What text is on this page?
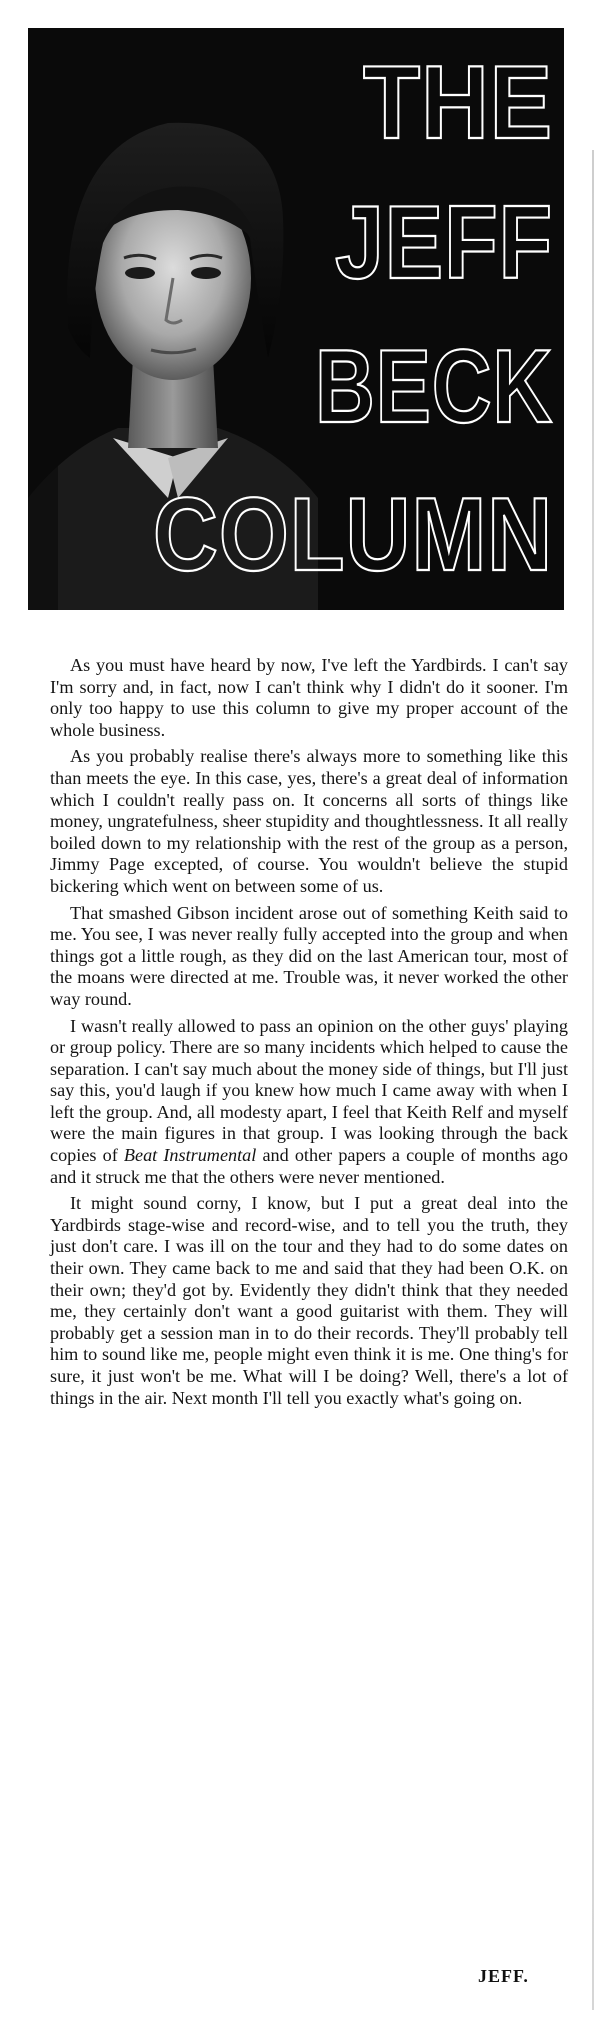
THE
JEFF
BECK
COLUMN

As you must have heard by now, I've left the Yardbirds. I can't say I'm sorry and, in fact, now I can't think why I didn't do it sooner. I'm only too happy to use this column to give my proper account of the whole business.

As you probably realise there's always more to something like this than meets the eye. In this case, yes, there's a great deal of information which I couldn't really pass on. It concerns all sorts of things like money, ungratefulness, sheer stupidity and thoughtlessness. It all really boiled down to my relationship with the rest of the group as a person, Jimmy Page excepted, of course. You wouldn't believe the stupid bickering which went on between some of us.

That smashed Gibson incident arose out of something Keith said to me. You see, I was never really fully accepted into the group and when things got a little rough, as they did on the last American tour, most of the moans were directed at me. Trouble was, it never worked the other way round.

I wasn't really allowed to pass an opinion on the other guys' playing or group policy. There are so many incidents which helped to cause the separation. I can't say much about the money side of things, but I'll just say this, you'd laugh if you knew how much I came away with when I left the group. And, all modesty apart, I feel that Keith Relf and myself were the main figures in that group. I was looking through the back copies of Beat Instrumental and other papers a couple of months ago and it struck me that the others were never mentioned.

It might sound corny, I know, but I put a great deal into the Yardbirds stage-wise and record-wise, and to tell you the truth, they just don't care. I was ill on the tour and they had to do some dates on their own. They came back to me and said that they had been O.K. on their own; they'd got by. Evidently they didn't think that they needed me, they certainly don't want a good guitarist with them. They will probably get a session man in to do their records. They'll probably tell him to sound like me, people might even think it is me. One thing's for sure, it just won't be me. What will I be doing? Well, there's a lot of things in the air. Next month I'll tell you exactly what's going on.

JEFF.
